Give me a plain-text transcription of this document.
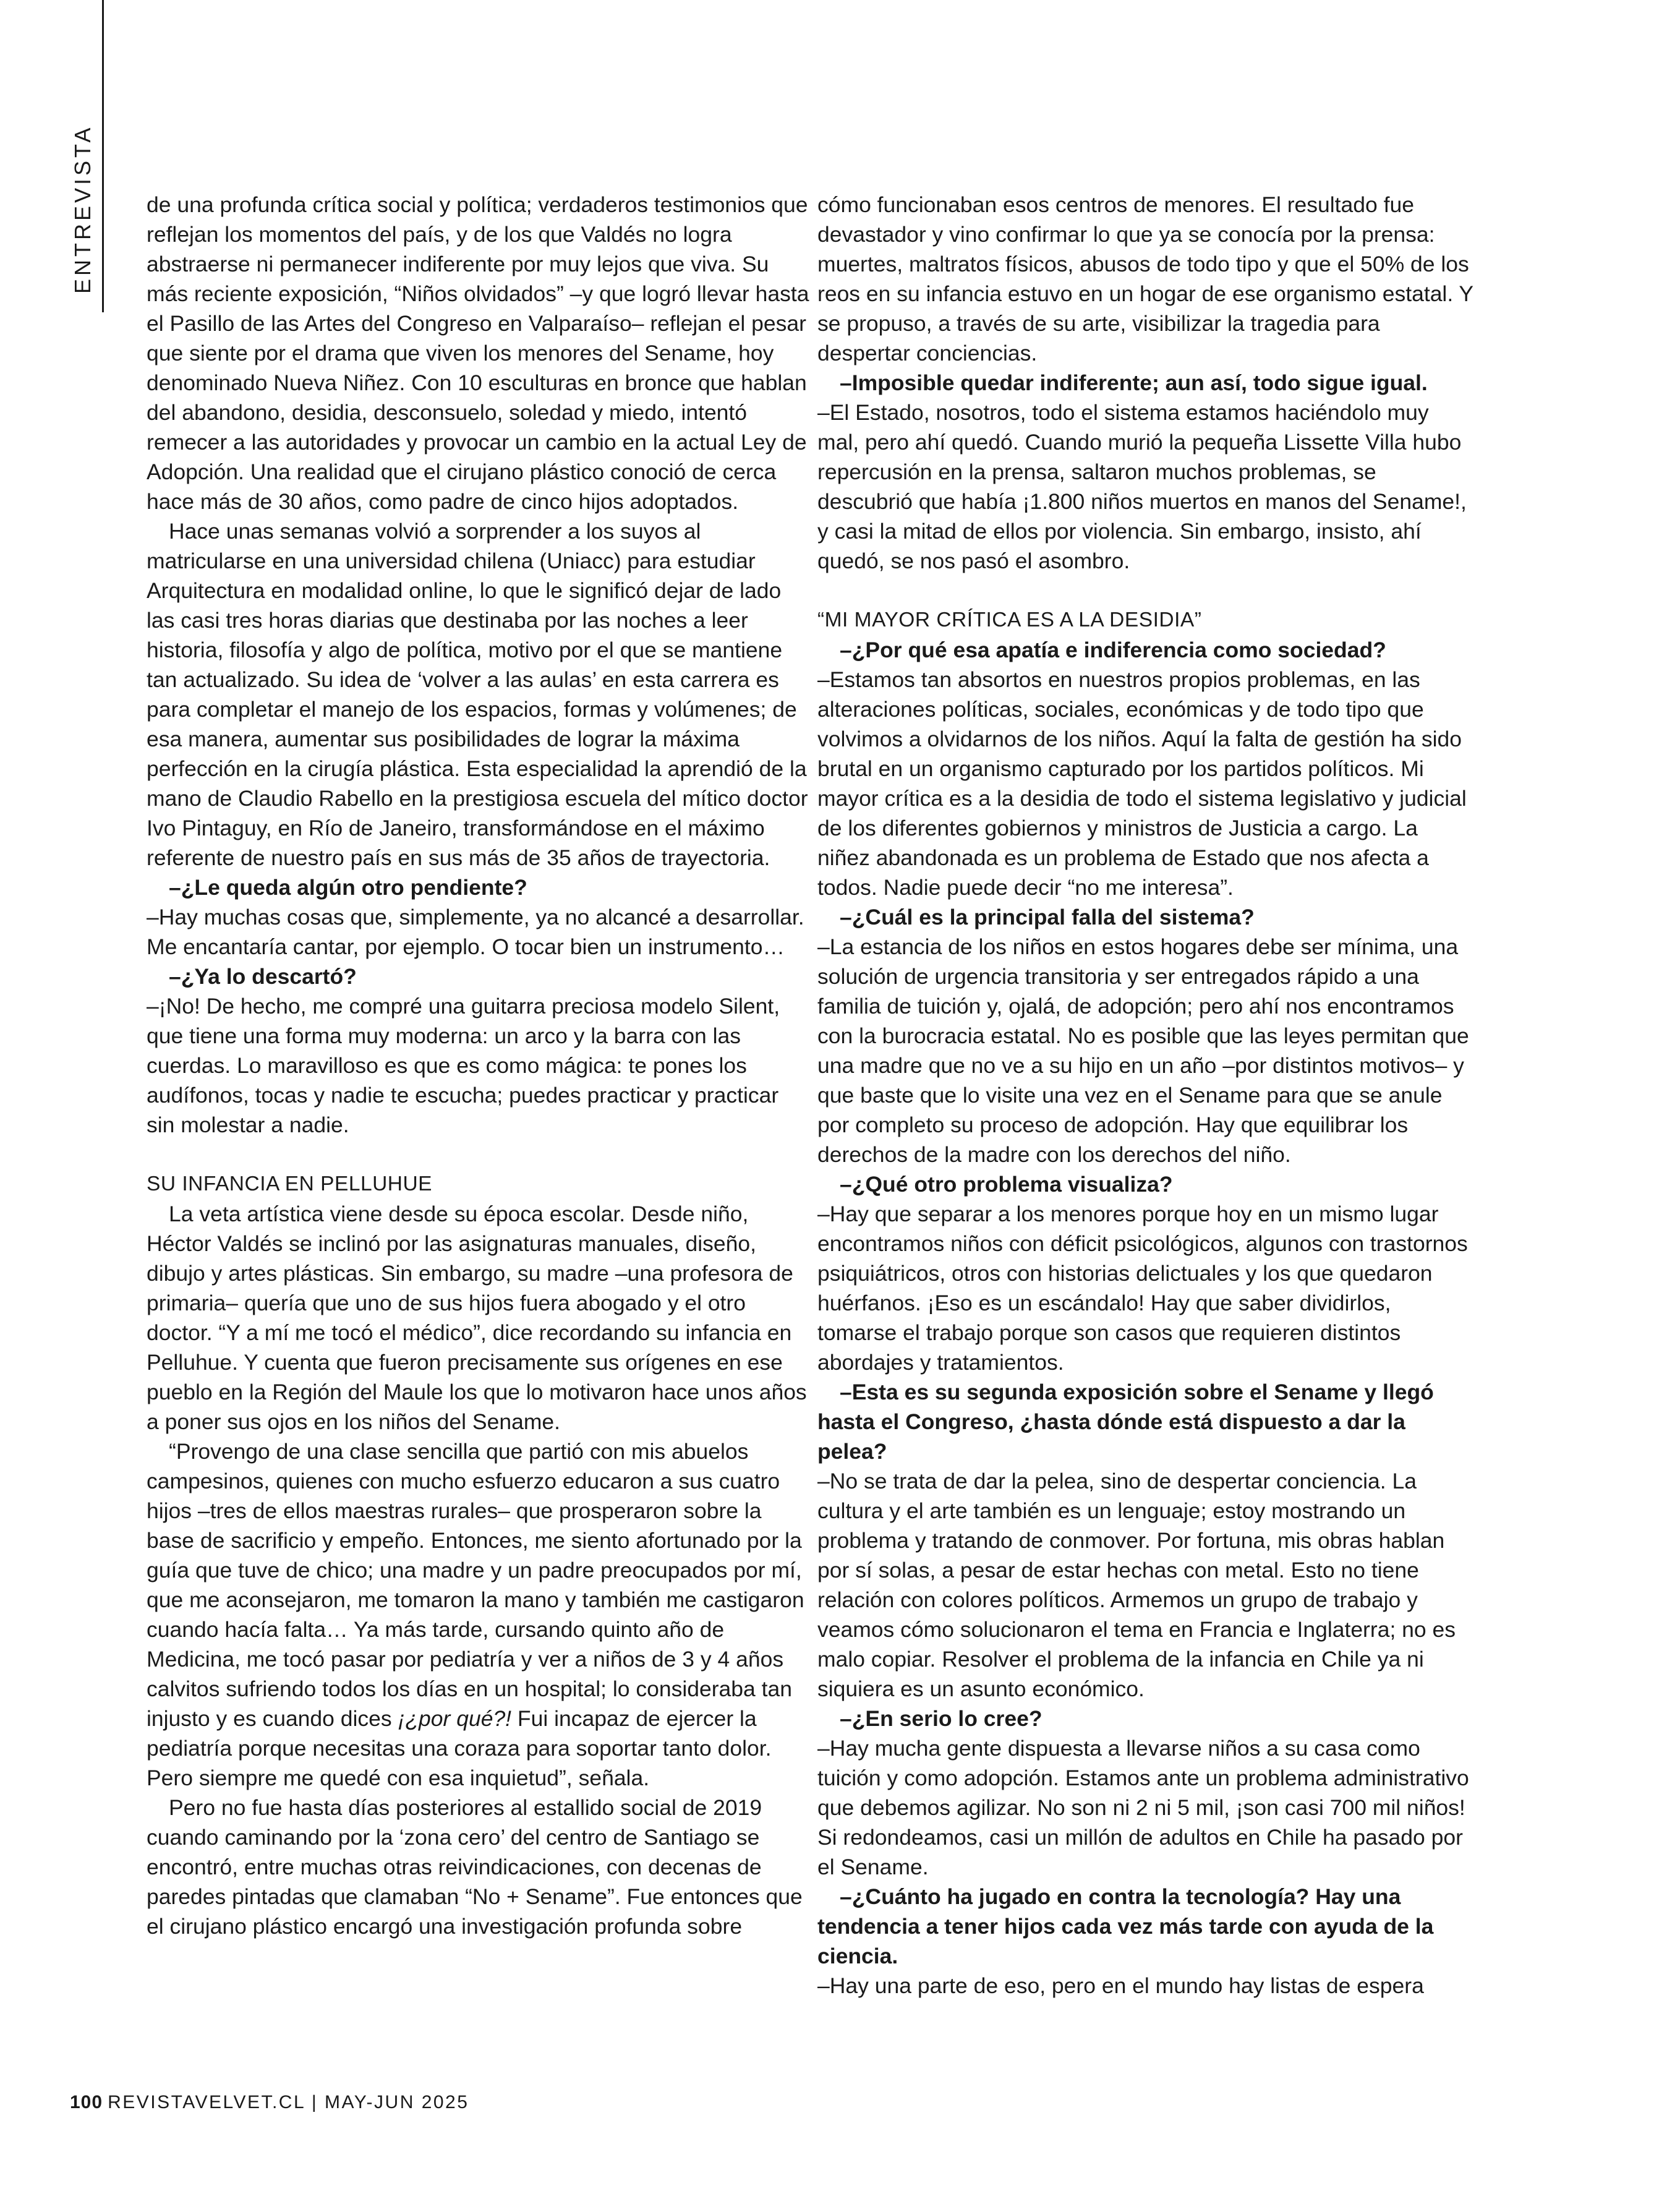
ENTREVISTA de una profunda crítica social y política; verdaderos testimonios que reflejan los momentos del país, y de los que Valdés no logra abstraerse ni permanecer indiferente por muy lejos que viva. Su más reciente exposición, “Niños olvidados” –y que logró llevar hasta el Pasillo de las Artes del Congreso en Valparaíso– reflejan el pesar que siente por el drama que viven los menores del Sename, hoy denominado Nueva Niñez. Con 10 esculturas en bronce que hablan del abandono, desidia, desconsuelo, soledad y miedo, intentó remecer a las autoridades y provocar un cambio en la actual Ley de Adopción. Una realidad que el cirujano plástico conoció de cerca hace más de 30 años, como padre de cinco hijos adoptados.

Hace unas semanas volvió a sorprender a los suyos al matricularse en una universidad chilena (Uniacc) para estudiar Arquitectura en modalidad online, lo que le significó dejar de lado las casi tres horas diarias que destinaba por las noches a leer historia, filosofía y algo de política, motivo por el que se mantiene tan actualizado. Su idea de ‘volver a las aulas’ en esta carrera es para completar el manejo de los espacios, formas y volúmenes; de esa manera, aumentar sus posibilidades de lograr la máxima perfección en la cirugía plástica. Esta especialidad la aprendió de la mano de Claudio Rabello en la prestigiosa escuela del mítico doctor Ivo Pintaguy, en Río de Janeiro, transformándose en el máximo referente de nuestro país en sus más de 35 años de trayectoria.

–¿Le queda algún otro pendiente?

–Hay muchas cosas que, simplemente, ya no alcancé a desarrollar. Me encantaría cantar, por ejemplo. O tocar bien un instrumento…

–¿Ya lo descartó?

–¡No! De hecho, me compré una guitarra preciosa modelo Silent, que tiene una forma muy moderna: un arco y la barra con las cuerdas. Lo maravilloso es que es como mágica: te pones los audífonos, tocas y nadie te escucha; puedes practicar y practicar sin molestar a nadie.

SU INFANCIA EN PELLUHUE

La veta artística viene desde su época escolar. Desde niño, Héctor Valdés se inclinó por las asignaturas manuales, diseño, dibujo y artes plásticas. Sin embargo, su madre –una profesora de primaria– quería que uno de sus hijos fuera abogado y el otro doctor. “Y a mí me tocó el médico”, dice recordando su infancia en Pelluhue. Y cuenta que fueron precisamente sus orígenes en ese pueblo en la Región del Maule los que lo motivaron hace unos años a poner sus ojos en los niños del Sename.

“Provengo de una clase sencilla que partió con mis abuelos campesinos, quienes con mucho esfuerzo educaron a sus cuatro hijos –tres de ellos maestras rurales– que prosperaron sobre la base de sacrificio y empeño. Entonces, me siento afortunado por la guía que tuve de chico; una madre y un padre preocupados por mí, que me aconsejaron, me tomaron la mano y también me castigaron cuando hacía falta… Ya más tarde, cursando quinto año de Medicina, me tocó pasar por pediatría y ver a niños de 3 y 4 años calvitos sufriendo todos los días en un hospital; lo consideraba tan injusto y es cuando dices ¡¿por qué?! Fui incapaz de ejercer la pediatría porque necesitas una coraza para soportar tanto dolor. Pero siempre me quedé con esa inquietud”, señala.

Pero no fue hasta días posteriores al estallido social de 2019 cuando caminando por la ‘zona cero’ del centro de Santiago se encontró, entre muchas otras reivindicaciones, con decenas de paredes pintadas que clamaban “No + Sename”. Fue entonces que el cirujano plástico encargó una investigación profunda sobre

cómo funcionaban esos centros de menores. El resultado fue devastador y vino confirmar lo que ya se conocía por la prensa: muertes, maltratos físicos, abusos de todo tipo y que el 50% de los reos en su infancia estuvo en un hogar de ese organismo estatal. Y se propuso, a través de su arte, visibilizar la tragedia para despertar conciencias.

–Imposible quedar indiferente; aun así, todo sigue igual.

–El Estado, nosotros, todo el sistema estamos haciéndolo muy mal, pero ahí quedó. Cuando murió la pequeña Lissette Villa hubo repercusión en la prensa, saltaron muchos problemas, se descubrió que había ¡1.800 niños muertos en manos del Sename!, y casi la mitad de ellos por violencia. Sin embargo, insisto, ahí quedó, se nos pasó el asombro.

“MI MAYOR CRÍTICA ES A LA DESIDIA”

–¿Por qué esa apatía e indiferencia como sociedad?

–Estamos tan absortos en nuestros propios problemas, en las alteraciones políticas, sociales, económicas y de todo tipo que volvimos a olvidarnos de los niños. Aquí la falta de gestión ha sido brutal en un organismo capturado por los partidos políticos. Mi mayor crítica es a la desidia de todo el sistema legislativo y judicial de los diferentes gobiernos y ministros de Justicia a cargo. La niñez abandonada es un problema de Estado que nos afecta a todos. Nadie puede decir “no me interesa”.

–¿Cuál es la principal falla del sistema?

–La estancia de los niños en estos hogares debe ser mínima, una solución de urgencia transitoria y ser entregados rápido a una familia de tuición y, ojalá, de adopción; pero ahí nos encontramos con la burocracia estatal. No es posible que las leyes permitan que una madre que no ve a su hijo en un año –por distintos motivos– y que baste que lo visite una vez en el Sename para que se anule por completo su proceso de adopción. Hay que equilibrar los derechos de la madre con los derechos del niño.

–¿Qué otro problema visualiza?

–Hay que separar a los menores porque hoy en un mismo lugar encontramos niños con déficit psicológicos, algunos con trastornos psiquiátricos, otros con historias delictuales y los que quedaron huérfanos. ¡Eso es un escándalo! Hay que saber dividirlos, tomarse el trabajo porque son casos que requieren distintos abordajes y tratamientos.

–Esta es su segunda exposición sobre el Sename y llegó hasta el Congreso, ¿hasta dónde está dispuesto a dar la pelea?

–No se trata de dar la pelea, sino de despertar conciencia. La cultura y el arte también es un lenguaje; estoy mostrando un problema y tratando de conmover. Por fortuna, mis obras hablan por sí solas, a pesar de estar hechas con metal. Esto no tiene relación con colores políticos. Armemos un grupo de trabajo y veamos cómo solucionaron el tema en Francia e Inglaterra; no es malo copiar. Resolver el problema de la infancia en Chile ya ni siquiera es un asunto económico.

–¿En serio lo cree?

–Hay mucha gente dispuesta a llevarse niños a su casa como tuición y como adopción. Estamos ante un problema administrativo que debemos agilizar. No son ni 2 ni 5 mil, ¡son casi 700 mil niños! Si redondeamos, casi un millón de adultos en Chile ha pasado por el Sename.

–¿Cuánto ha jugado en contra la tecnología? Hay una tendencia a tener hijos cada vez más tarde con ayuda de la ciencia.

–Hay una parte de eso, pero en el mundo hay listas de espera

100 REVISTAVELVET.CL | MAY-JUN 2025
